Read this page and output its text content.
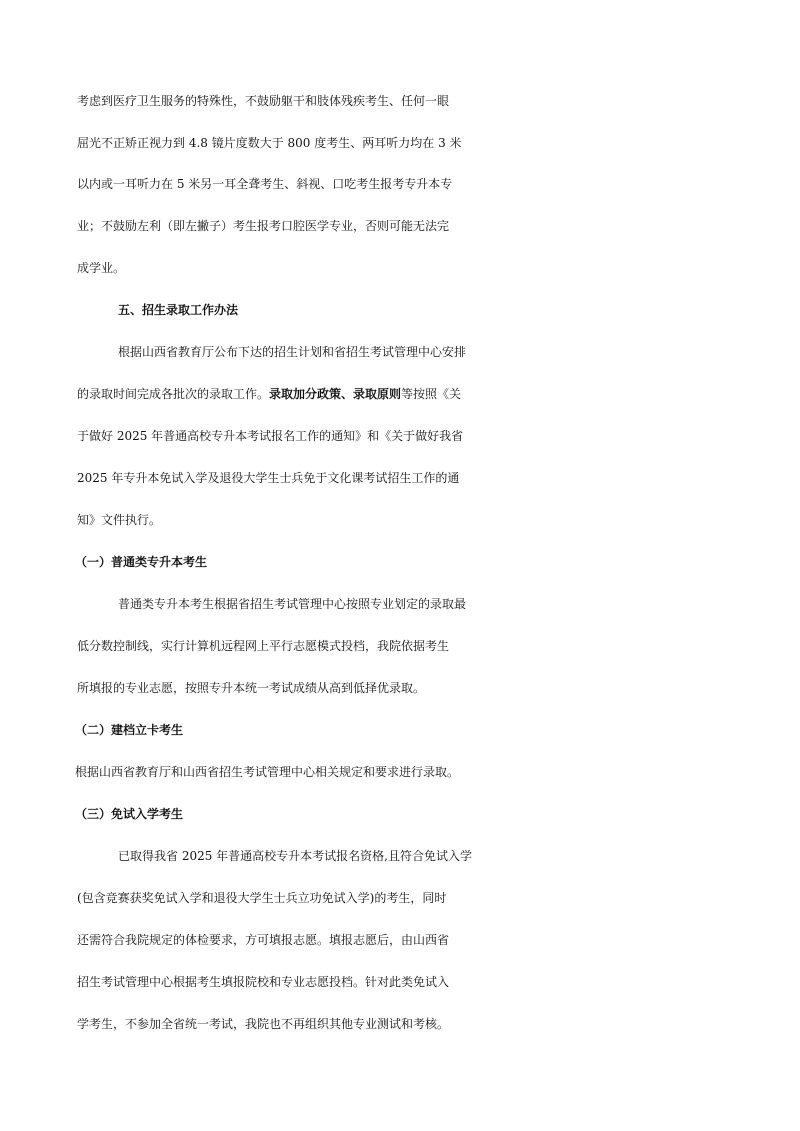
考虑到医疗卫生服务的特殊性，不鼓励躯干和肢体残疾考生、任何一眼
屈光不正矫正视力到 4.8 镜片度数大于 800 度考生、两耳听力均在 3 米
以内或一耳听力在 5 米另一耳全聋考生、斜视、口吃考生报考专升本专
业；不鼓励左利（即左撇子）考生报考口腔医学专业，否则可能无法完
成学业。
五、招生录取工作办法
根据山西省教育厅公布下达的招生计划和省招生考试管理中心安排
的录取时间完成各批次的录取工作。录取加分政策、录取原则等按照《关
于做好 2025 年普通高校专升本考试报名工作的通知》和《关于做好我省
2025 年专升本免试入学及退役大学生士兵免于文化课考试招生工作的通
知》文件执行。
（一）普通类专升本考生
普通类专升本考生根据省招生考试管理中心按照专业划定的录取最
低分数控制线，实行计算机远程网上平行志愿模式投档，我院依据考生
所填报的专业志愿，按照专升本统一考试成绩从高到低择优录取。
（二）建档立卡考生
根据山西省教育厅和山西省招生考试管理中心相关规定和要求进行录取。
（三）免试入学考生
已取得我省 2025 年普通高校专升本考试报名资格,且符合免试入学
(包含竞赛获奖免试入学和退役大学生士兵立功免试入学)的考生，同时
还需符合我院规定的体检要求，方可填报志愿。填报志愿后，由山西省
招生考试管理中心根据考生填报院校和专业志愿投档。针对此类免试入
学考生，不参加全省统一考试，我院也不再组织其他专业测试和考核。
